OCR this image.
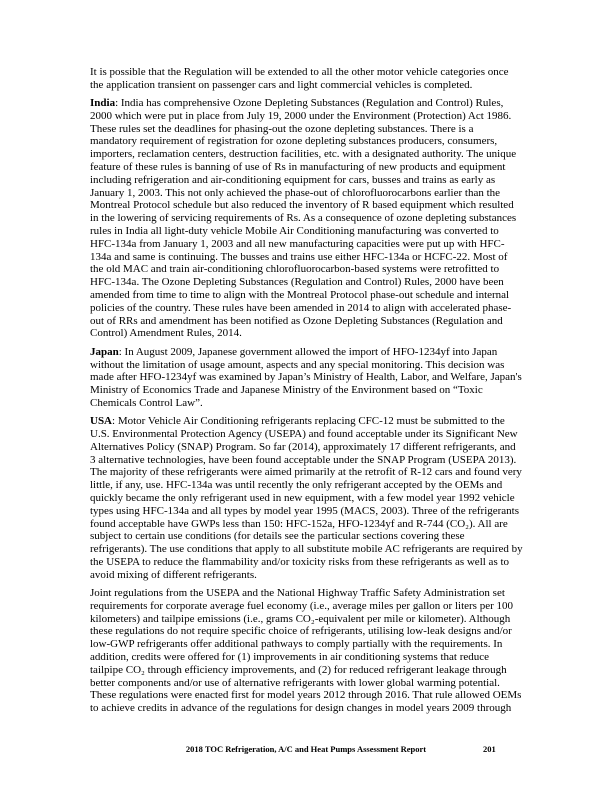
It is possible that the Regulation will be extended to all the other motor vehicle categories once the application transient on passenger cars and light commercial vehicles is completed.

India: India has comprehensive Ozone Depleting Substances (Regulation and Control) Rules, 2000 which were put in place from July 19, 2000 under the Environment (Protection) Act 1986. These rules set the deadlines for phasing-out the ozone depleting substances. There is a mandatory requirement of registration for ozone depleting substances producers, consumers, importers, reclamation centers, destruction facilities, etc. with a designated authority. The unique feature of these rules is banning of use of Rs in manufacturing of new products and equipment including refrigeration and air-conditioning equipment for cars, busses and trains as early as January 1, 2003. This not only achieved the phase-out of chlorofluorocarbons earlier than the Montreal Protocol schedule but also reduced the inventory of R based equipment which resulted in the lowering of servicing requirements of Rs. As a consequence of ozone depleting substances rules in India all light-duty vehicle Mobile Air Conditioning manufacturing was converted to HFC-134a from January 1, 2003 and all new manufacturing capacities were put up with HFC-134a and same is continuing. The busses and trains use either HFC-134a or HCFC-22. Most of the old MAC and train air-conditioning chlorofluorocarbon-based systems were retrofitted to HFC-134a. The Ozone Depleting Substances (Regulation and Control) Rules, 2000 have been amended from time to time to align with the Montreal Protocol phase-out schedule and internal policies of the country. These rules have been amended in 2014 to align with accelerated phase-out of RRs and amendment has been notified as Ozone Depleting Substances (Regulation and Control) Amendment Rules, 2014.

Japan: In August 2009, Japanese government allowed the import of HFO-1234yf into Japan without the limitation of usage amount, aspects and any special monitoring. This decision was made after HFO-1234yf was examined by Japan’s Ministry of Health, Labor, and Welfare, Japan's Ministry of Economics Trade and Japanese Ministry of the Environment based on “Toxic Chemicals Control Law”.

USA: Motor Vehicle Air Conditioning refrigerants replacing CFC-12 must be submitted to the U.S. Environmental Protection Agency (USEPA) and found acceptable under its Significant New Alternatives Policy (SNAP) Program. So far (2014), approximately 17 different refrigerants, and 3 alternative technologies, have been found acceptable under the SNAP Program (USEPA 2013). The majority of these refrigerants were aimed primarily at the retrofit of R-12 cars and found very little, if any, use. HFC-134a was until recently the only refrigerant accepted by the OEMs and quickly became the only refrigerant used in new equipment, with a few model year 1992 vehicle types using HFC-134a and all types by model year 1995 (MACS, 2003). Three of the refrigerants found acceptable have GWPs less than 150: HFC-152a, HFO-1234yf and R-744 (CO₂). All are subject to certain use conditions (for details see the particular sections covering these refrigerants). The use conditions that apply to all substitute mobile AC refrigerants are required by the USEPA to reduce the flammability and/or toxicity risks from these refrigerants as well as to avoid mixing of different refrigerants.

Joint regulations from the USEPA and the National Highway Traffic Safety Administration set requirements for corporate average fuel economy (i.e., average miles per gallon or liters per 100 kilometers) and tailpipe emissions (i.e., grams CO₂-equivalent per mile or kilometer). Although these regulations do not require specific choice of refrigerants, utilising low-leak designs and/or low-GWP refrigerants offer additional pathways to comply partially with the requirements. In addition, credits were offered for (1) improvements in air conditioning systems that reduce tailpipe CO₂ through efficiency improvements, and (2) for reduced refrigerant leakage through better components and/or use of alternative refrigerants with lower global warming potential. These regulations were enacted first for model years 2012 through 2016. That rule allowed OEMs to achieve credits in advance of the regulations for design changes in model years 2009 through

2018 TOC Refrigeration, A/C and Heat Pumps Assessment Report	201
